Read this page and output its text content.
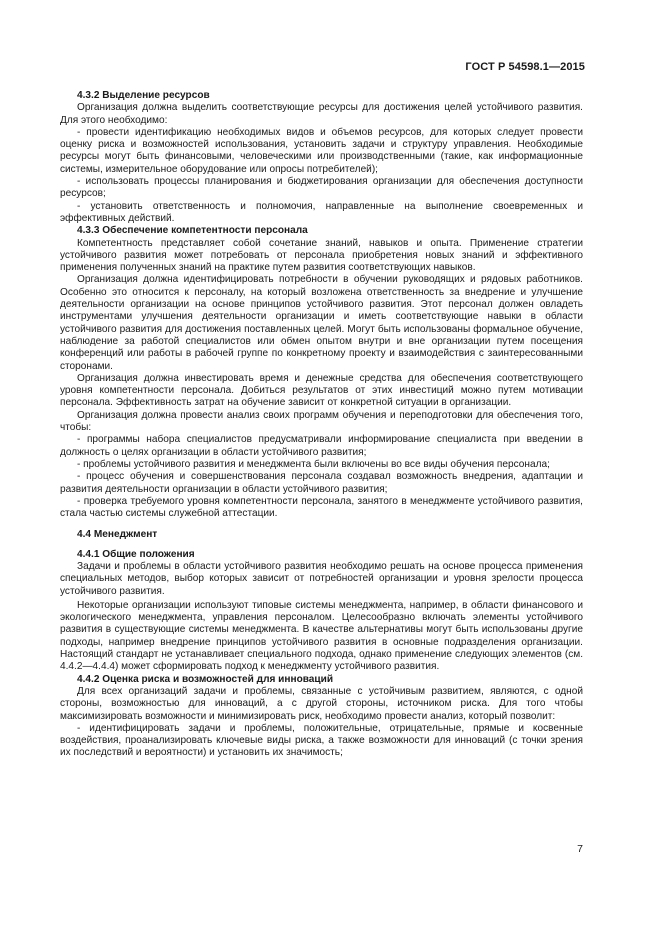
ГОСТ Р 54598.1—2015
4.3.2 Выделение ресурсов

Организация должна выделить соответствующие ресурсы для достижения целей устойчивого развития. Для этого необходимо:

- провести идентификацию необходимых видов и объемов ресурсов, для которых следует провести оценку риска и возможностей использования, установить задачи и структуру управления. Необходимые ресурсы могут быть финансовыми, человеческими или производственными (такие, как информационные системы, измерительное оборудование или опросы потребителей);

- использовать процессы планирования и бюджетирования организации для обеспечения доступности ресурсов;

- установить ответственность и полномочия, направленные на выполнение своевременных и эффективных действий.

4.3.3 Обеспечение компетентности персонала

Компетентность представляет собой сочетание знаний, навыков и опыта. Применение стратегии устойчивого развития может потребовать от персонала приобретения новых знаний и эффективного применения полученных знаний на практике путем развития соответствующих навыков.

Организация должна идентифицировать потребности в обучении руководящих и рядовых работников. Особенно это относится к персоналу, на который возложена ответственность за внедрение и улучшение деятельности организации на основе принципов устойчивого развития. Этот персонал должен овладеть инструментами улучшения деятельности организации и иметь соответствующие навыки в области устойчивого развития для достижения поставленных целей. Могут быть использованы формальное обучение, наблюдение за работой специалистов или обмен опытом внутри и вне организации путем посещения конференций или работы в рабочей группе по конкретному проекту и взаимодействия с заинтересованными сторонами.

Организация должна инвестировать время и денежные средства для обеспечения соответствующего уровня компетентности персонала. Добиться результатов от этих инвестиций можно путем мотивации персонала. Эффективность затрат на обучение зависит от конкретной ситуации в организации.

Организация должна провести анализ своих программ обучения и переподготовки для обеспечения того, чтобы:

- программы набора специалистов предусматривали информирование специалиста при введении в должность о целях организации в области устойчивого развития;

- проблемы устойчивого развития и менеджмента были включены во все виды обучения персонала;

- процесс обучения и совершенствования персонала создавал возможность внедрения, адаптации и развития деятельности организации в области устойчивого развития;

- проверка требуемого уровня компетентности персонала, занятого в менеджменте устойчивого развития, стала частью системы служебной аттестации.

4.4 Менеджмент
4.4.1 Общие положения

Задачи и проблемы в области устойчивого развития необходимо решать на основе процесса применения специальных методов, выбор которых зависит от потребностей организации и уровня зрелости процесса устойчивого развития.

Некоторые организации используют типовые системы менеджмента, например, в области финансового и экологического менеджмента, управления персоналом. Целесообразно включать элементы устойчивого развития в существующие системы менеджмента. В качестве альтернативы могут быть использованы другие подходы, например внедрение принципов устойчивого развития в основные подразделения организации. Настоящий стандарт не устанавливает специального подхода, однако применение следующих элементов (см. 4.4.2—4.4.4) может сформировать подход к менеджменту устойчивого развития.

4.4.2 Оценка риска и возможностей для инноваций

Для всех организаций задачи и проблемы, связанные с устойчивым развитием, являются, с одной стороны, возможностью для инноваций, а с другой стороны, источником риска. Для того чтобы максимизировать возможности и минимизировать риск, необходимо провести анализ, который позволит:

- идентифицировать задачи и проблемы, положительные, отрицательные, прямые и косвенные воздействия, проанализировать ключевые виды риска, а также возможности для инноваций (с точки зрения их последствий и вероятности) и установить их значимость;

7
